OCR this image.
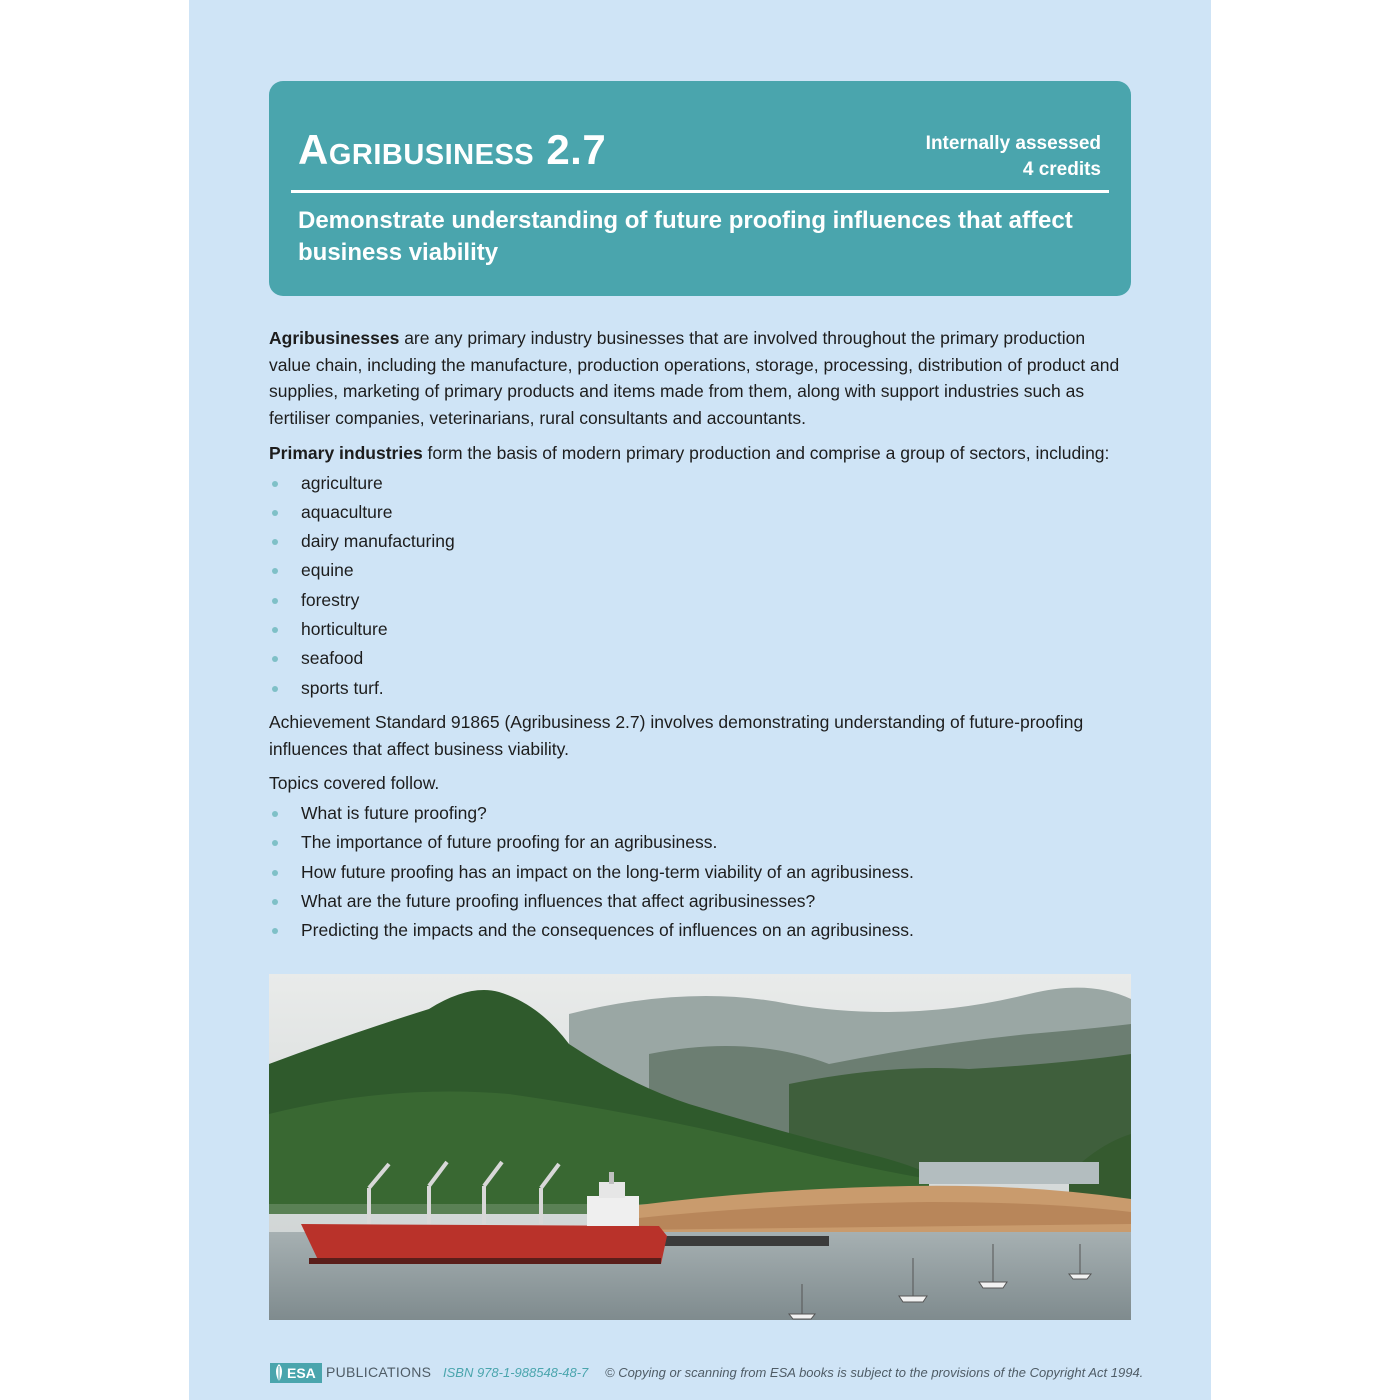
Agribusiness 2.7	Internally assessed
4 credits
Demonstrate understanding of future proofing influences that affect business viability

Agribusinesses are any primary industry businesses that are involved throughout the primary production value chain, including the manufacture, production operations, storage, processing, distribution of product and supplies, marketing of primary products and items made from them, along with support industries such as fertiliser companies, veterinarians, rural consultants and accountants.

Primary industries form the basis of modern primary production and comprise a group of sectors, including:

agriculture
aquaculture
dairy manufacturing
equine
forestry
horticulture
seafood
sports turf.

Achievement Standard 91865 (Agribusiness 2.7) involves demonstrating understanding of future-proofing influences that affect business viability.

Topics covered follow.

What is future proofing?
The importance of future proofing for an agribusiness.
How future proofing has an impact on the long-term viability of an agribusiness.
What are the future proofing influences that affect agribusinesses?
Predicting the impacts and the consequences of influences on an agribusiness.
ESA PUBLICATIONS ISBN 978-1-988548-48-7 © Copying or scanning from ESA books is subject to the provisions of the Copyright Act 1994.
